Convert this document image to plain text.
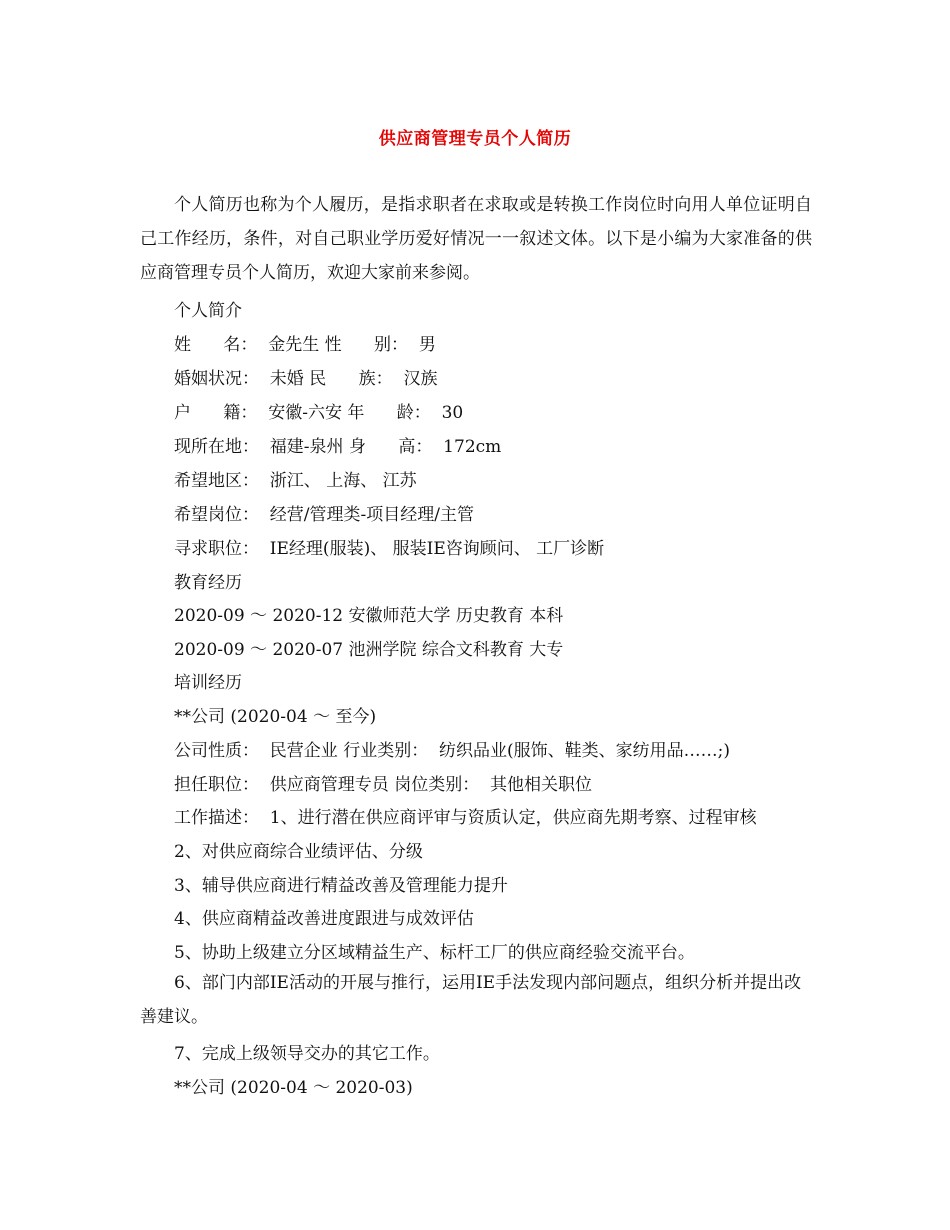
供应商管理专员个人简历
个人简历也称为个人履历，是指求职者在求取或是转换工作岗位时向用人单位证明自己工作经历，条件，对自己职业学历爱好情况一一叙述文体。以下是小编为大家准备的供应商管理专员个人简历，欢迎大家前来参阅。
个人简介
姓      名：  金先生 性      别：  男
婚姻状况：  未婚 民      族：  汉族
户      籍：  安徽-六安 年      龄：  30
现所在地：  福建-泉州 身      高：  172cm
希望地区：  浙江、 上海、 江苏
希望岗位：  经营/管理类-项目经理/主管
寻求职位：  IE经理(服装)、 服装IE咨询顾问、 工厂诊断
教育经历
2020-09 ～ 2020-12 安徽师范大学 历史教育 本科
2020-09 ～ 2020-07 池洲学院 综合文科教育 大专
培训经历
**公司 (2020-04 ～ 至今)
公司性质：  民营企业 行业类别：  纺织品业(服饰、鞋类、家纺用品……;)
担任职位：  供应商管理专员 岗位类别：  其他相关职位
工作描述：  1、进行潜在供应商评审与资质认定，供应商先期考察、过程审核
2、对供应商综合业绩评估、分级
3、辅导供应商进行精益改善及管理能力提升
4、供应商精益改善进度跟进与成效评估
5、协助上级建立分区域精益生产、标杆工厂的供应商经验交流平台。
6、部门内部IE活动的开展与推行，运用IE手法发现内部问题点，组织分析并提出改善建议。
7、完成上级领导交办的其它工作。
**公司 (2020-04 ～ 2020-03)
